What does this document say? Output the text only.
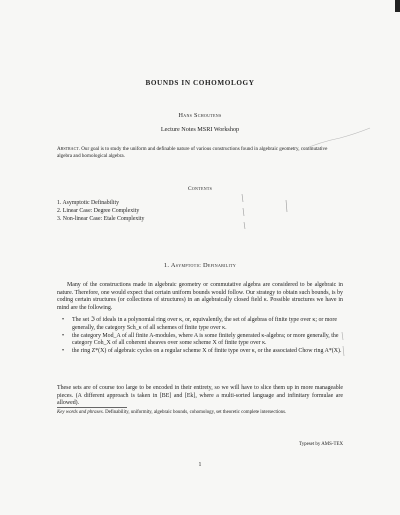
BOUNDS IN COHOMOLOGY
Hans Schoutens
Lecture Notes MSRI Workshop
Abstract. Our goal is to study the uniform and definable nature of various constructions found in algebraic geometry, commutative algebra and homological algebra.
Contents
1. Asymptotic Definability
2. Linear Case: Degree Complexity
3. Non-linear Case: Etale Complexity
1. Asymptotic Definability
Many of the constructions made in algebraic geometry or commutative algebra are considered to be algebraic in nature. Therefore, one would expect that certain uniform bounds would follow. Our strategy to obtain such bounds, is by coding certain structures (or collections of structures) in an algebraically closed field κ. Possible structures we have in mind are the following.
• The set ℑ of ideals in a polynomial ring over κ, or, equivalently, the set of algebras of finite type over κ; or more generally, the category Sch_κ of all schemes of finite type over κ.
• the category Mod_A of all finite A-modules, where A is some finitely generated κ-algebra; or more generally, the category Coh_X of all coherent sheaves over some scheme X of finite type over κ.
• the ring Z*(X) of algebraic cycles on a regular scheme X of finite type over κ, or the associated Chow ring A*(X).
These sets are of course too large to be encoded in their entirety, so we will have to slice them up in more manageable pieces. (A different approach is taken in [BE] and [Ek], where a multi-sorted language and infinitary formulae are allowed).
Key words and phrases. Definability, uniformity, algebraic bounds, cohomology, set theoretic complete intersections.
Typeset by AMS-TEX
1
